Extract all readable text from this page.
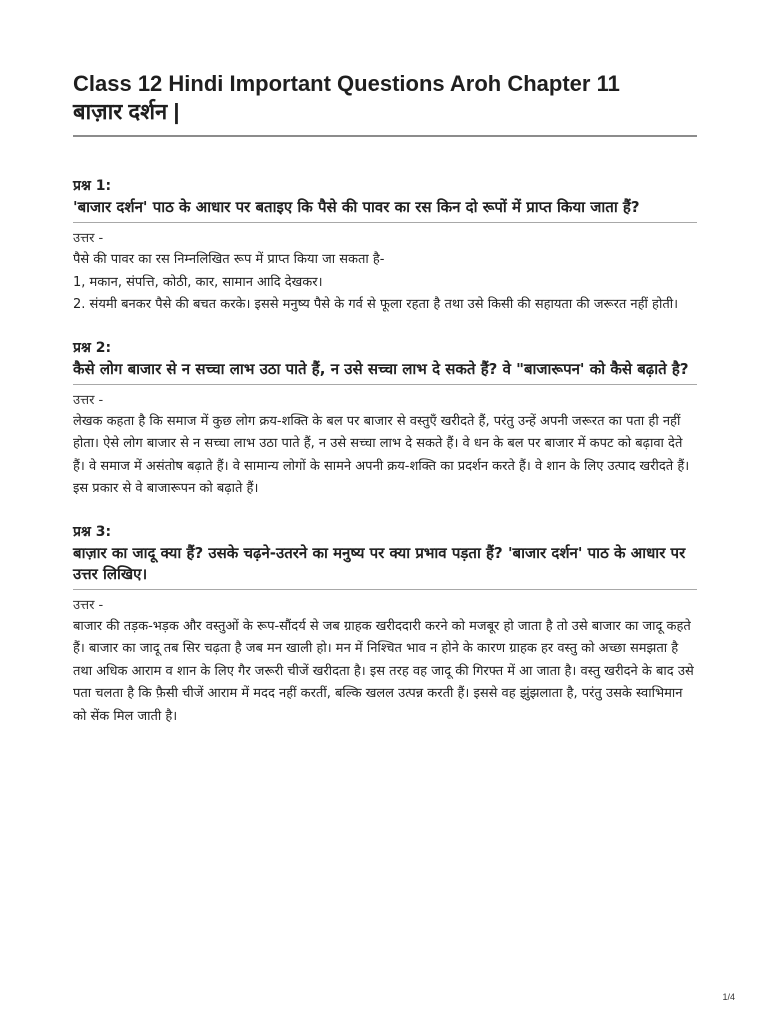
Class 12 Hindi Important Questions Aroh Chapter 11
बाज़ार दर्शन |
प्रश्न 1:
'बाजार दर्शन' पाठ के आधार पर बताइए कि पैसे की पावर का रस किन दो रूपों में प्राप्त किया जाता हैं?
उत्तर -
पैसे की पावर का रस निम्नलिखित रूप में प्राप्त किया जा सकता है-
1, मकान, संपत्ति, कोठी, कार, सामान आदि देखकर।
2. संयमी बनकर पैसे की बचत करके। इससे मनुष्य पैसे के गर्व से फूला रहता है तथा उसे किसी की सहायता की जरूरत नहीं होती।
प्रश्न 2:
कैसे लोग बाजार से न सच्चा लाभ उठा पाते हैं, न उसे सच्चा लाभ दे सकते हैं? वे "बाजारूपन' को कैसे बढ़ाते है?
उत्तर -
लेखक कहता है कि समाज में कुछ लोग क्रय-शक्ति के बल पर बाजार से वस्तुएँ खरीदते हैं, परंतु उन्हें अपनी जरूरत का पता ही नहीं होता। ऐसे लोग बाजार से न सच्चा लाभ उठा पाते हैं, न उसे सच्चा लाभ दे सकते हैं। वे धन के बल पर बाजार में कपट को बढ़ावा देते हैं। वे समाज में असंतोष बढ़ाते हैं। वे सामान्य लोगों के सामने अपनी क्रय-शक्ति का प्रदर्शन करते हैं। वे शान के लिए उत्पाद खरीदते हैं। इस प्रकार से वे बाजारूपन को बढ़ाते हैं।
प्रश्न 3:
बाज़ार का जादू क्या हैं? उसके चढ़ने-उतरने का मनुष्य पर क्या प्रभाव पड़ता हैं? 'बाजार दर्शन' पाठ के आधार पर उत्तर लिखिए।
उत्तर -
बाजार की तड़क-भड़क और वस्तुओं के रूप-सौंदर्य से जब ग्राहक खरीददारी करने को मजबूर हो जाता है तो उसे बाजार का जादू कहते हैं। बाजार का जादू तब सिर चढ़ता है जब मन खाली हो। मन में निश्चित भाव न होने के कारण ग्राहक हर वस्तु को अच्छा समझता है तथा अधिक आराम व शान के लिए गैर जरूरी चीजें खरीदता है। इस तरह वह जादू की गिरफ्त में आ जाता है। वस्तु खरीदने के बाद उसे पता चलता है कि फ़ैसी चीजें आराम में मदद नहीं करतीं, बल्कि खलल उत्पन्न करती हैं। इससे वह झुंझलाता है, परंतु उसके स्वाभिमान को सेंक मिल जाती है।
1/4
